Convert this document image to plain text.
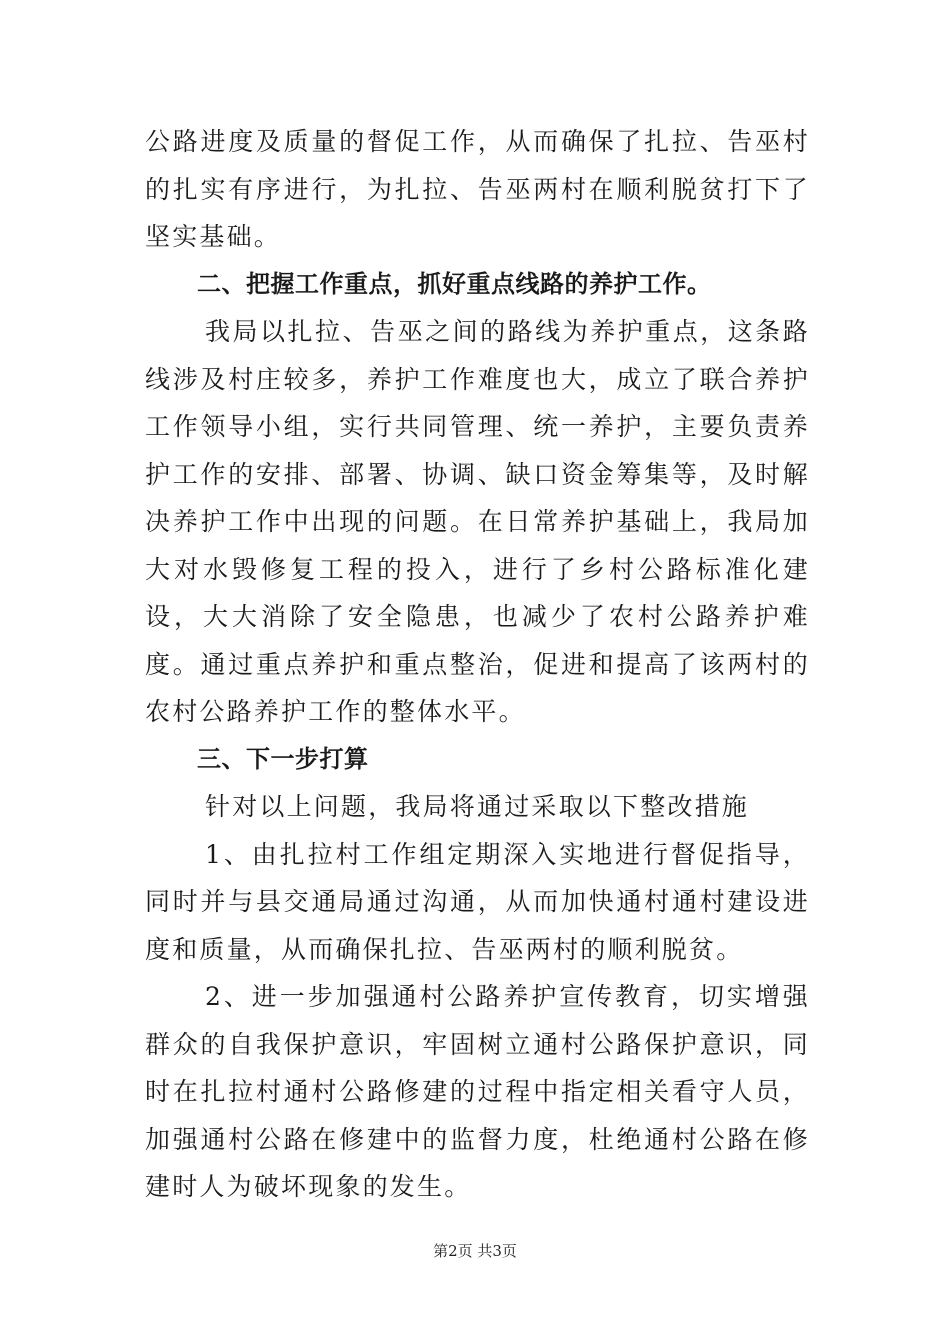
公路进度及质量的督促工作，从而确保了扎拉、告巫村的扎实有序进行，为扎拉、告巫两村在顺利脱贫打下了坚实基础。

二、把握工作重点，抓好重点线路的养护工作。

我局以扎拉、告巫之间的路线为养护重点，这条路线涉及村庄较多，养护工作难度也大，成立了联合养护工作领导小组，实行共同管理、统一养护，主要负责养护工作的安排、部署、协调、缺口资金筹集等，及时解决养护工作中出现的问题。在日常养护基础上，我局加大对水毁修复工程的投入，进行了乡村公路标准化建设，大大消除了安全隐患，也减少了农村公路养护难度。通过重点养护和重点整治，促进和提高了该两村的农村公路养护工作的整体水平。

三、下一步打算

针对以上问题，我局将通过采取以下整改措施

1、由扎拉村工作组定期深入实地进行督促指导，同时并与县交通局通过沟通，从而加快通村通村建设进度和质量，从而确保扎拉、告巫两村的顺利脱贫。

2、进一步加强通村公路养护宣传教育，切实增强群众的自我保护意识，牢固树立通村公路保护意识，同时在扎拉村通村公路修建的过程中指定相关看守人员，加强通村公路在修建中的监督力度，杜绝通村公路在修建时人为破坏现象的发生。

第2页 共3页
